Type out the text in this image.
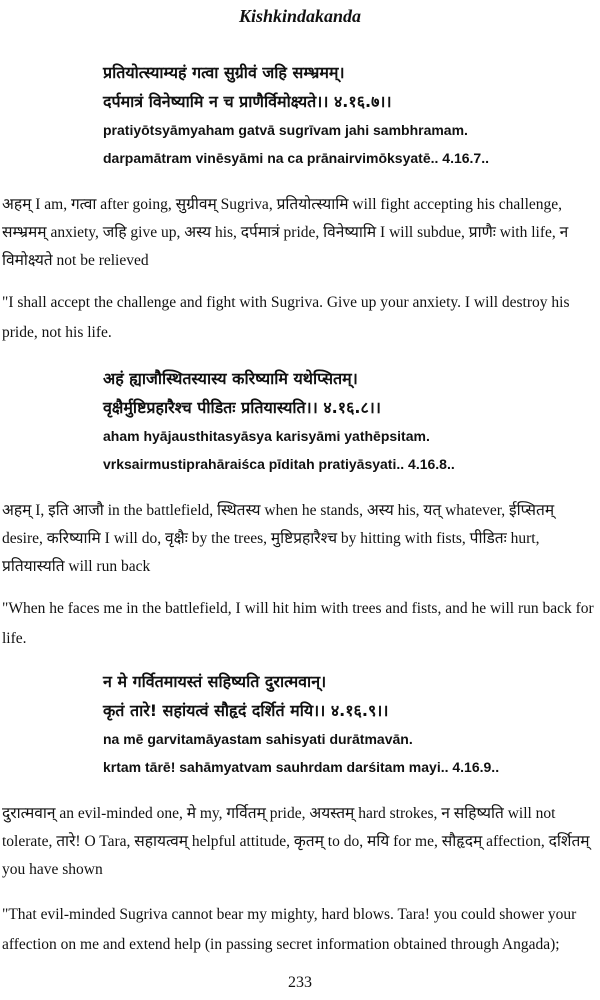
Kishkindakanda
प्रतियोत्स्याम्यहं गत्वा सुग्रीवं जहि सम्भ्रमम्।
दर्पमात्रं विनेष्यामि न च प्राणैर्विमोक्ष्यते।। ४.१६.७।।
pratiyōtsyāmyaham gatvā sugrīvam jahi sambhramam.
darpamātram vinēsyāmi na ca prānairvimōksyatē.. 4.16.7..
अहम् I am, गत्वा after going, सुग्रीवम् Sugriva, प्रतियोत्स्यामि will fight accepting his challenge, सम्भ्रमम् anxiety, जहि give up, अस्य his, दर्पमात्रं pride, विनेष्यामि I will subdue, प्राणैः with life, न विमोक्ष्यते not be relieved
"I shall accept the challenge and fight with Sugriva. Give up your anxiety. I will destroy his pride, not his life.
अहं ह्याजौस्थितस्यास्य करिष्यामि यथेप्सितम्।
वृक्षैर्मुष्टिप्रहारैश्च पीडितः प्रतियास्यति।। ४.१६.८।।
aham hyājausthitasyāsya karisyāmi yathēpsitam.
vrksairmustiprahāraiśca pīditah pratiyāsyati.. 4.16.8..
अहम् I, इति आजौ in the battlefield, स्थितस्य when he stands, अस्य his, यत् whatever, ईप्सितम् desire, करिष्यामि I will do, वृक्षैः by the trees, मुष्टिप्रहारैश्च by hitting with fists, पीडितः hurt, प्रतियास्यति will run back
"When he faces me in the battlefield, I will hit him with trees and fists, and he will run back for life.
न मे गर्वितमायस्तं सहिष्यति दुरात्मवान्।
कृतं तारे! सहांयत्वं सौहृदं दर्शितं मयि।। ४.१६.९।।
na mē garvitamāyastam sahisyati durātmavān.
krtam tārē! sahāmyatvam sauhrdam darśitam mayi.. 4.16.9..
दुरात्मवान् an evil-minded one, मे my, गर्वितम् pride, अयस्तम् hard strokes, न सहिष्यति will not tolerate, तारे! O Tara, सहायत्वम् helpful attitude, कृतम् to do, मयि for me, सौहृदम् affection, दर्शितम् you have shown
"That evil-minded Sugriva cannot bear my mighty, hard blows. Tara! you could shower your affection on me and extend help (in passing secret information obtained through Angada);
233
